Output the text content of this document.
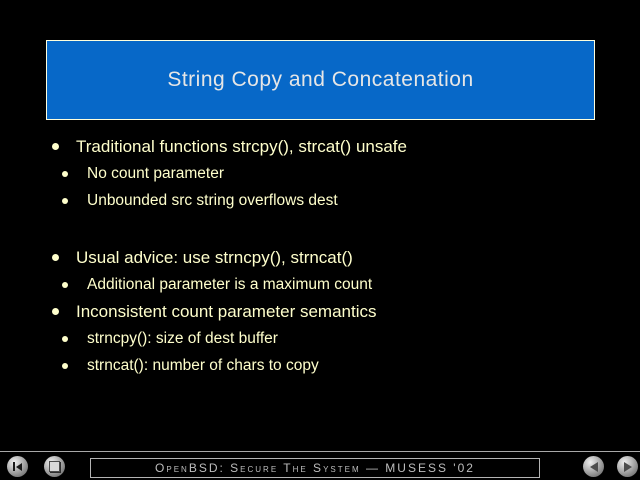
String Copy and Concatenation
Traditional functions strcpy(), strcat() unsafe
No count parameter
Unbounded src string overflows dest
Usual advice: use strncpy(), strncat()
Additional parameter is a maximum count
Inconsistent count parameter semantics
strncpy(): size of dest buffer
strncat(): number of chars to copy
OpenBSD: Secure The System — MUSESS '02
